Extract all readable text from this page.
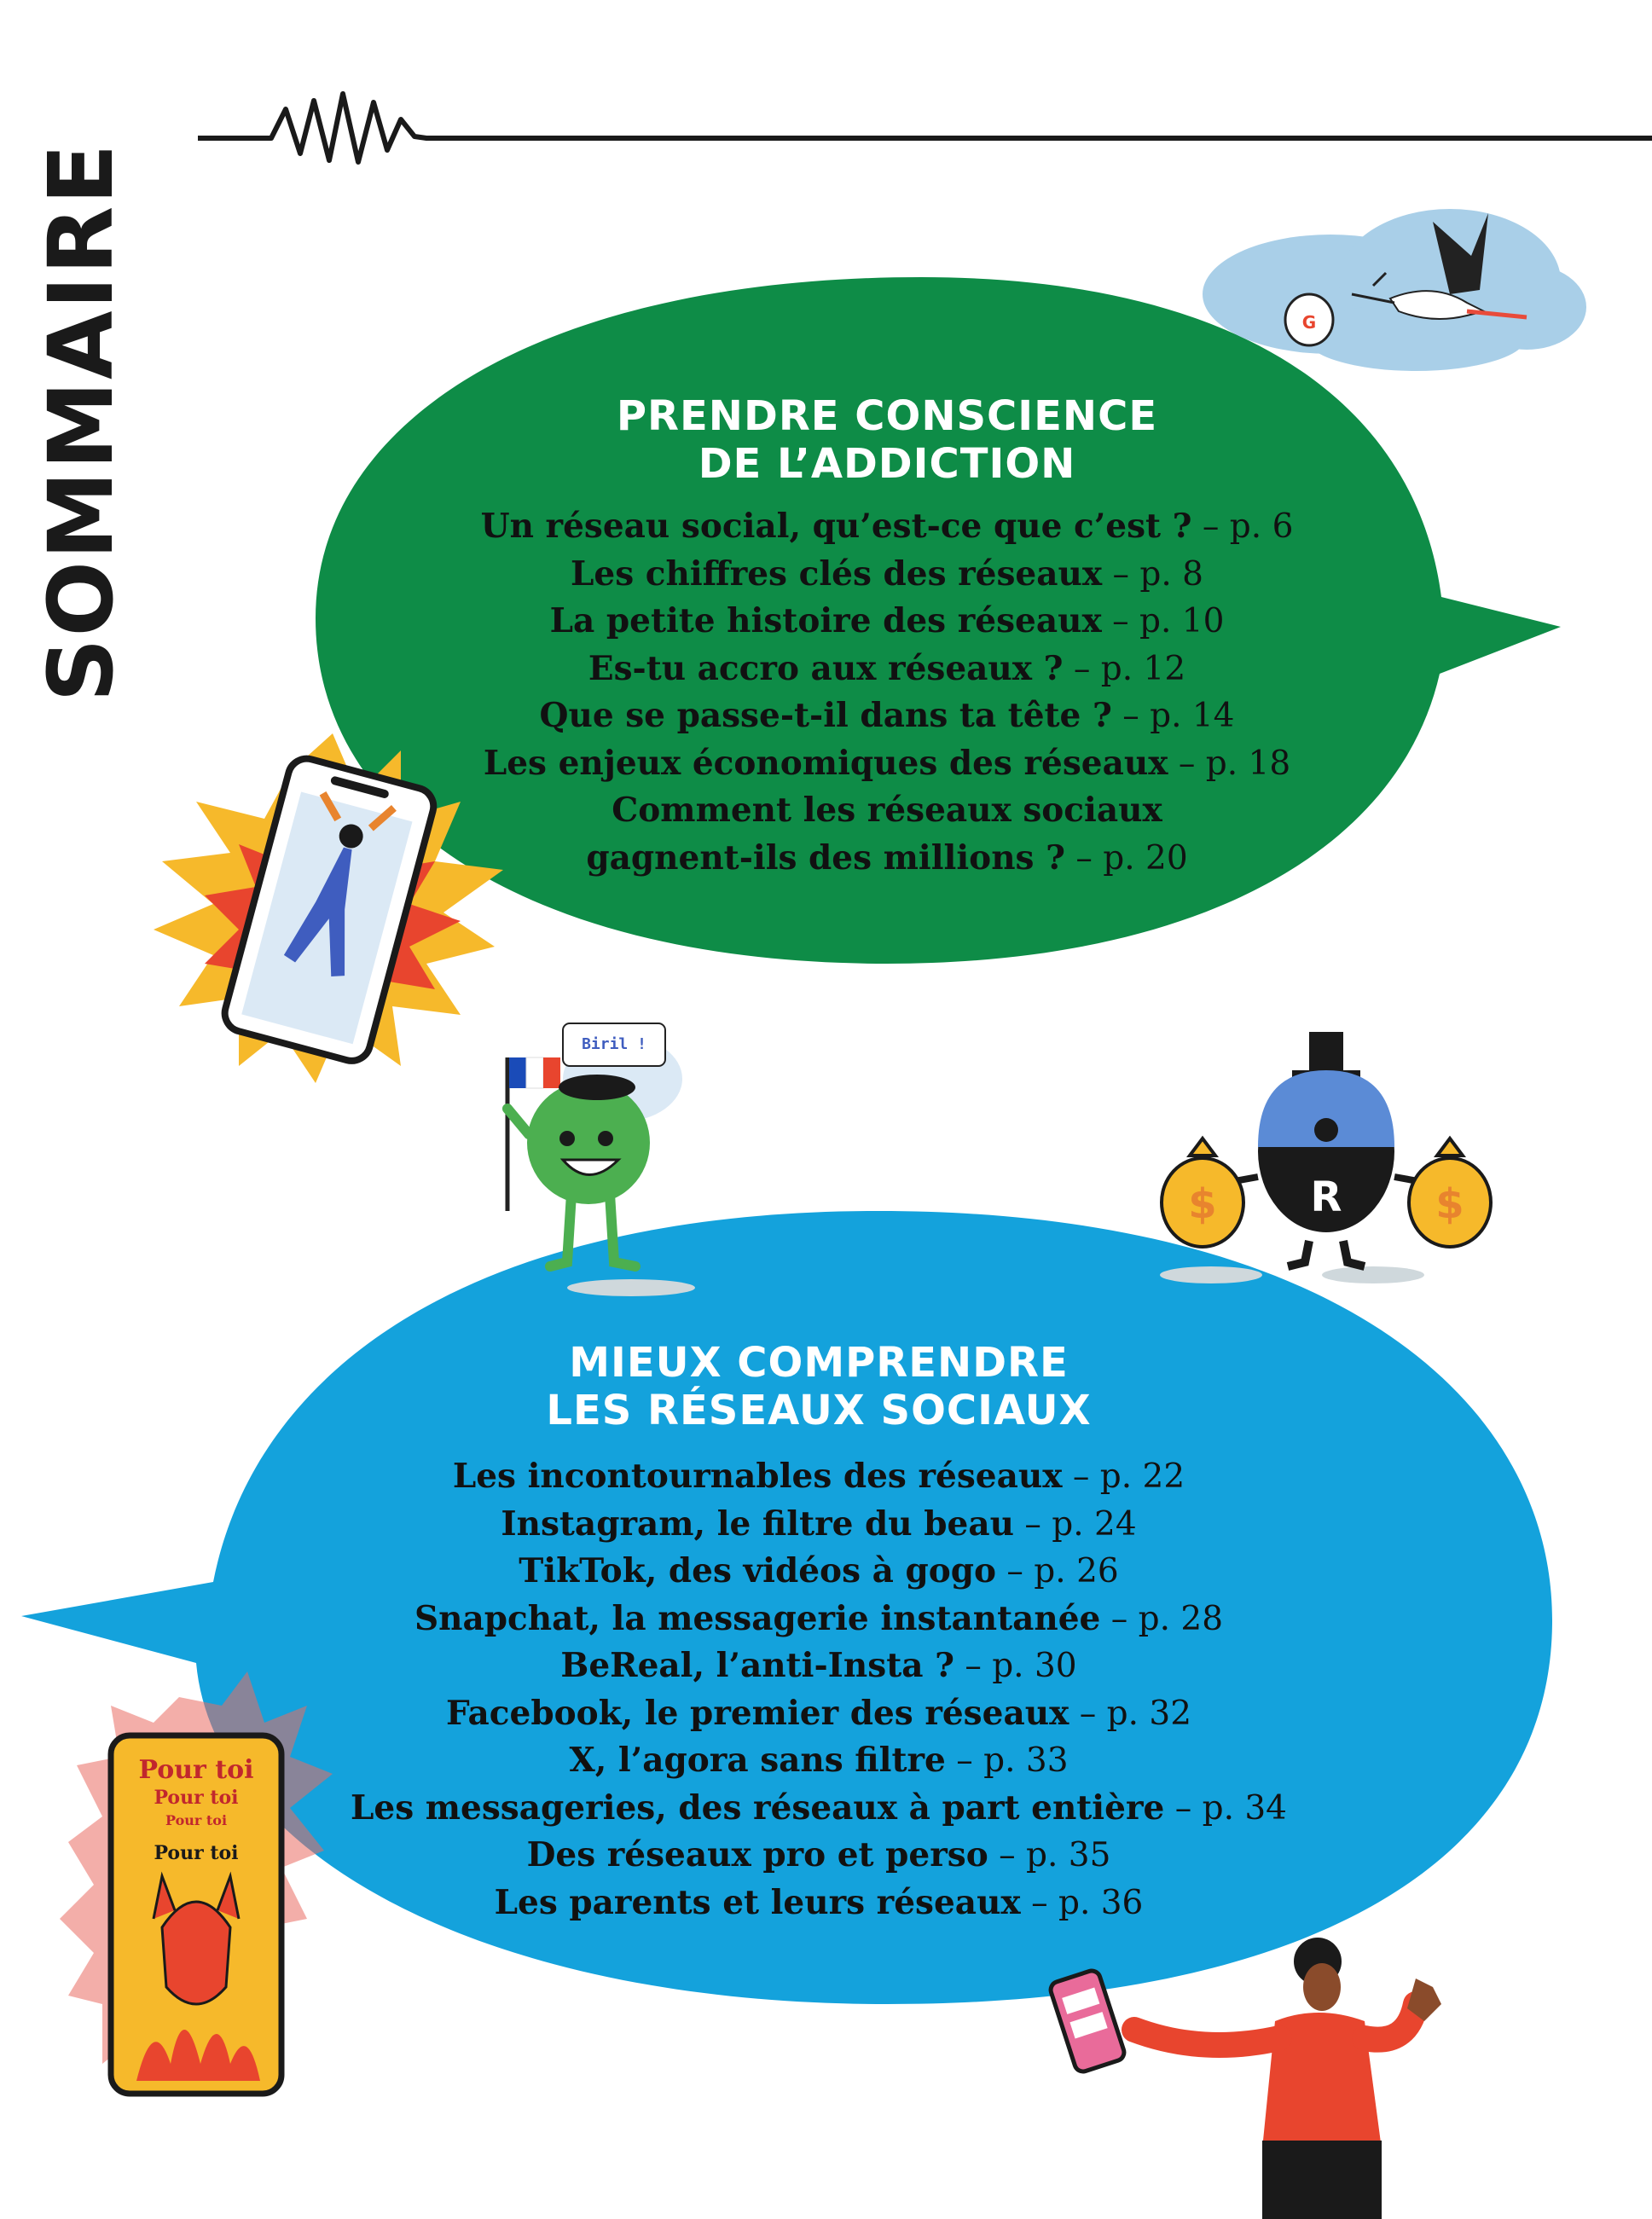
SOMMAIRE
Biril !
G
R
$	$
Pour toi
Pour toi
Pour toi
Pour toi
PRENDRE CONSCIENCE
DE L’ADDICTION
Un réseau social, qu’est-ce que c’est ? – p. 6
Les chiffres clés des réseaux – p. 8
La petite histoire des réseaux – p. 10
Es-tu accro aux réseaux ? – p. 12
Que se passe-t-il dans ta tête ? – p. 14
Les enjeux économiques des réseaux – p. 18
Comment les réseaux sociaux
gagnent-ils des millions ? – p. 20
MIEUX COMPRENDRE
LES RÉSEAUX SOCIAUX
Les incontournables des réseaux – p. 22
Instagram, le filtre du beau – p. 24
TikTok, des vidéos à gogo – p. 26
Snapchat, la messagerie instantanée – p. 28
BeReal, l’anti-Insta ? – p. 30
Facebook, le premier des réseaux – p. 32
X, l’agora sans filtre – p. 33
Les messageries, des réseaux à part entière – p. 34
Des réseaux pro et perso – p. 35
Les parents et leurs réseaux – p. 36
